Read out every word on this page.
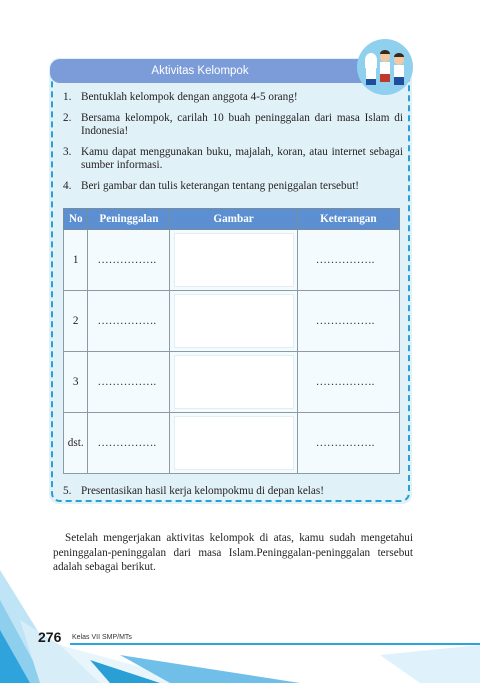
Aktivitas Kelompok
1. Bentuklah kelompok dengan anggota 4-5 orang!
2. Bersama kelompok, carilah 10 buah peninggalan dari masa Islam di Indonesia!
3. Kamu dapat menggunakan buku, majalah, koran, atau internet sebagai sumber informasi.
4. Beri gambar dan tulis keterangan tentang peniggalan tersebut!
No	Peninggalan	Gambar	Keterangan
1	…………….		…………….
2	…………….		…………….
3	…………….		…………….
dst.	…………….		…………….
5. Presentasikan hasil kerja kelompokmu di depan kelas!

Setelah mengerjakan aktivitas kelompok di atas, kamu sudah mengetahui peninggalan-peninggalan dari masa Islam.Peninggalan-peninggalan tersebut adalah sebagai berikut.

276 Kelas VII SMP/MTs
